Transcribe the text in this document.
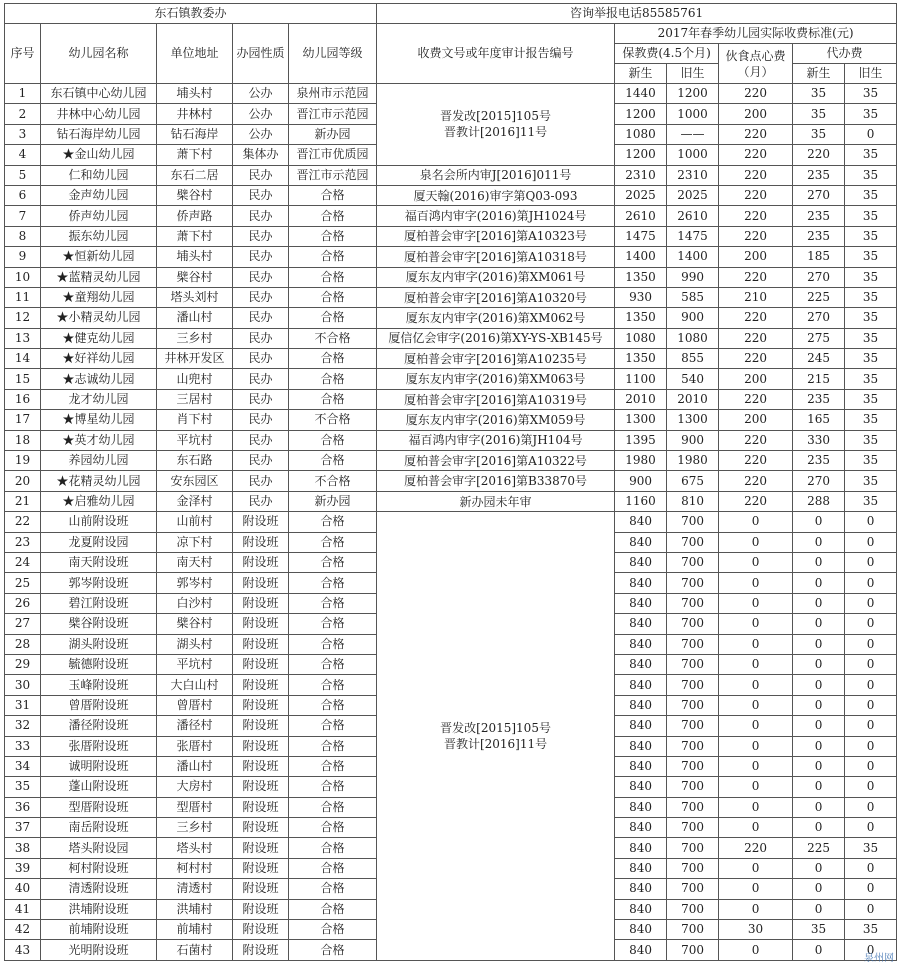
东石镇教委办					咨询举报电话85585761					
序号	幼儿园名称	单位地址	办园性质	幼儿园等级	收费文号或年度审计报告编号	2017年春季幼儿园实际收费标准(元)				
						保教费(4.5个月)		伙食点心费（月）	代办费	
						新生	旧生		新生	旧生
1	东石镇中心幼儿园	埔头村	公办	泉州市示范园	晋发改[2015]105号
晋教计[2016]11号	1440	1200	220	35	35
2	井林中心幼儿园	井林村	公办	晋江市示范园		1200	1000	200	35	35
3	钻石海岸幼儿园	钻石海岸	公办	新办园		1080	——	220	35	0
4	★金山幼儿园	萧下村	集体办	晋江市优质园		1200	1000	220	220	35
5	仁和幼儿园	东石二居	民办	晋江市示范园	泉名会所内审J[2016]011号	2310	2310	220	235	35
6	金声幼儿园	檗谷村	民办	合格	厦天翰(2016)审字第Q03-093	2025	2025	220	270	35
7	侨声幼儿园	侨声路	民办	合格	福百鸿内审字(2016)第JH1024号	2610	2610	220	235	35
8	振东幼儿园	萧下村	民办	合格	厦柏普会审字[2016]第A10323号	1475	1475	220	235	35
9	★恒新幼儿园	埔头村	民办	合格	厦柏普会审字[2016]第A10318号	1400	1400	200	185	35
10	★蓝精灵幼儿园	檗谷村	民办	合格	厦东友内审字(2016)第XM061号	1350	990	220	270	35
11	★童翔幼儿园	塔头刘村	民办	合格	厦柏普会审字[2016]第A10320号	930	585	210	225	35
12	★小精灵幼儿园	潘山村	民办	合格	厦东友内审字(2016)第XM062号	1350	900	220	270	35
13	★健克幼儿园	三乡村	民办	不合格	厦信亿会审字(2016)第XY-YS-XB145号	1080	1080	220	275	35
14	★好祥幼儿园	井林开发区	民办	合格	厦柏普会审字[2016]第A10235号	1350	855	220	245	35
15	★志诚幼儿园	山兜村	民办	合格	厦东友内审字(2016)第XM063号	1100	540	200	215	35
16	龙才幼儿园	三居村	民办	合格	厦柏普会审字[2016]第A10319号	2010	2010	220	235	35
17	★博星幼儿园	肖下村	民办	不合格	厦东友内审字(2016)第XM059号	1300	1300	200	165	35
18	★英才幼儿园	平坑村	民办	合格	福百鸿内审字(2016)第JH104号	1395	900	220	330	35
19	养园幼儿园	东石路	民办	合格	厦柏普会审字[2016]第A10322号	1980	1980	220	235	35
20	★花精灵幼儿园	安东园区	民办	不合格	厦柏普会审字[2016]第B33870号	900	675	220	270	35
21	★启雅幼儿园	金泽村	民办	新办园	新办园未年审	1160	810	220	288	35
22	山前附设班	山前村	附设班	合格	晋发改[2015]105号
晋教计[2016]11号	840	700	0	0	0
23	龙夏附设园	凉下村	附设班	合格		840	700	0	0	0
24	南天附设班	南天村	附设班	合格		840	700	0	0	0
25	郭岑附设班	郭岑村	附设班	合格		840	700	0	0	0
26	碧江附设班	白沙村	附设班	合格		840	700	0	0	0
27	檗谷附设班	檗谷村	附设班	合格		840	700	0	0	0
28	湖头附设班	湖头村	附设班	合格		840	700	0	0	0
29	毓德附设班	平坑村	附设班	合格		840	700	0	0	0
30	玉峰附设班	大白山村	附设班	合格		840	700	0	0	0
31	曾厝附设班	曾厝村	附设班	合格		840	700	0	0	0
32	潘径附设班	潘径村	附设班	合格		840	700	0	0	0
33	张厝附设班	张厝村	附设班	合格		840	700	0	0	0
34	诚明附设班	潘山村	附设班	合格		840	700	0	0	0
35	蓬山附设班	大房村	附设班	合格		840	700	0	0	0
36	型厝附设班	型厝村	附设班	合格		840	700	0	0	0
37	南岳附设班	三乡村	附设班	合格		840	700	0	0	0
38	塔头附设园	塔头村	附设班	合格		840	700	220	225	35
39	柯村附设班	柯村村	附设班	合格		840	700	0	0	0
40	清透附设班	清透村	附设班	合格		840	700	0	0	0
41	洪埔附设班	洪埔村	附设班	合格		840	700	0	0	0
42	前埔附设班	前埔村	附设班	合格		840	700	30	35	35
43	光明附设班	石菌村	附设班	合格		840	700	0	0	0
泉州网
